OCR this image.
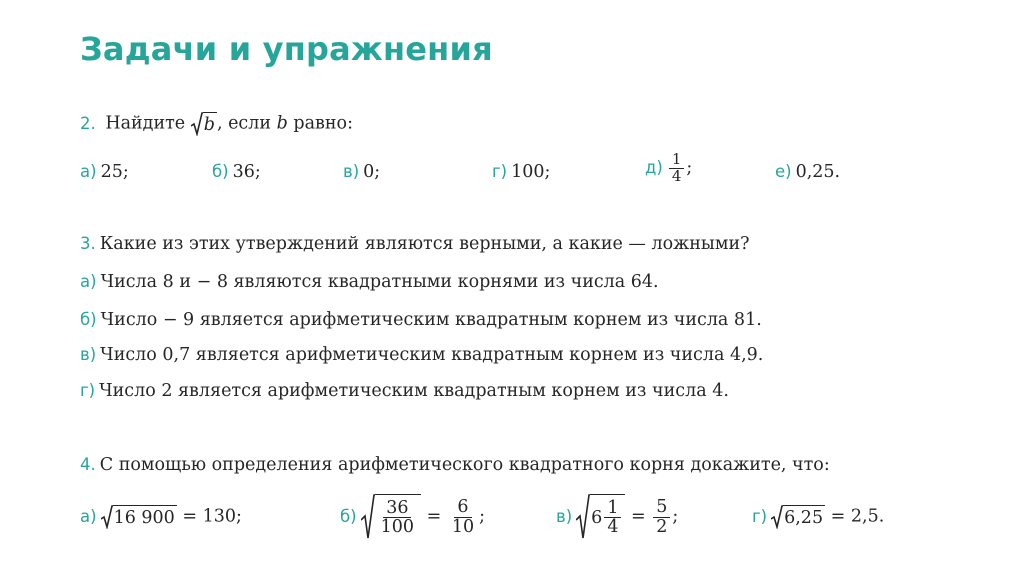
Задачи и упражнения
2. Найдите b , если b равно:
а) 25;	б) 36;	в) 0;	г) 100;	$д) \frac{1}{4}$ ;	е) 0,25.
3. Какие из этих утверждений являются верными, а какие — ложными?
а) Числа 8 и − 8 являются квадратными корнями из числа 64.
б) Число − 9 является арифметическим квадратным корнем из числа 81.
в) Число 0,7 является арифметическим квадратным корнем из числа 4,9.
г) Число 2 является арифметическим квадратным корнем из числа 4.
4. С помощью определения арифметического квадратного корня докажите, что:
а) 16 900 = 130;	$б) \frac{36}{100} = \frac{6}{10}$ ;	в) $6 \frac{1}{4} = \frac{5}{2}$ ;	г) 6,25 = 2,5.
